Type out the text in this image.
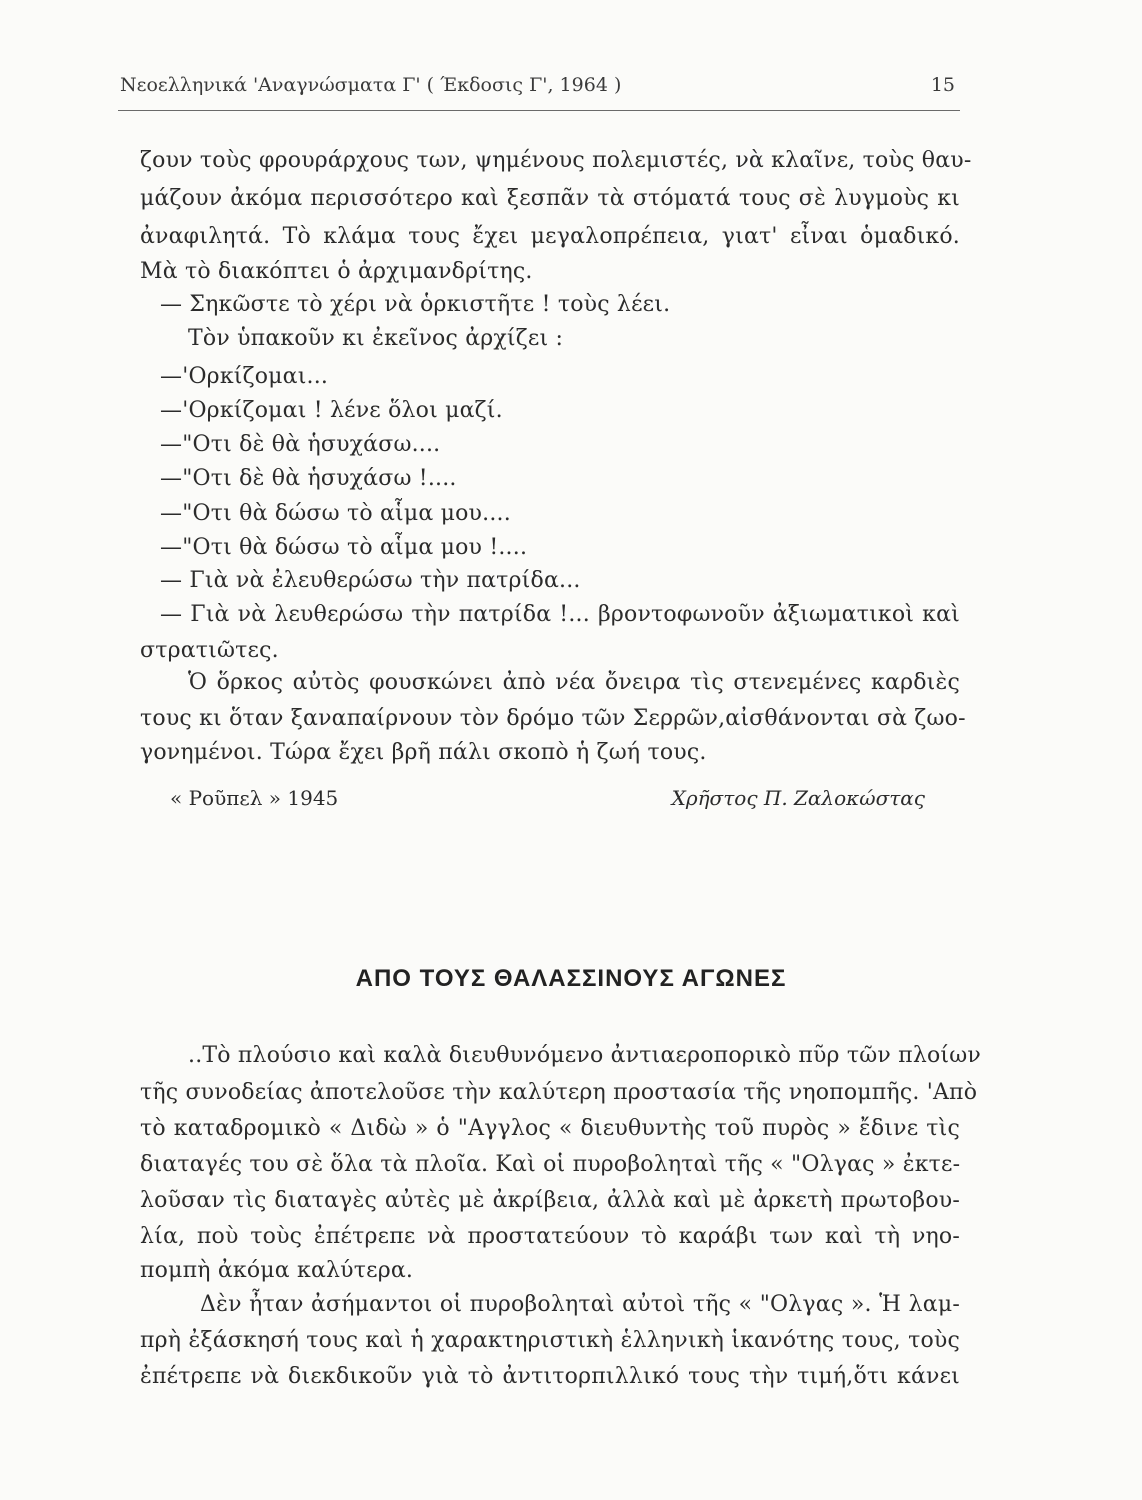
Νεοελληνικά 'Αναγνώσματα Γ' ( Έκδοσις Γ', 1964 )	15
ζουν τοὺς φρουράρχους των, ψημένους πολεμιστές, νὰ κλαῖνε, τοὺς θαυ-
μάζουν ἀκόμα περισσότερο καὶ ξεσπᾶν τὰ στόματά τους σὲ λυγμοὺς κι
ἀναφιλητά. Τὸ κλάμα τους ἔχει μεγαλοπρέπεια, γιατ' εἶναι ὁμαδικό.
Μὰ τὸ διακόπτει ὁ ἀρχιμανδρίτης.
— Σηκῶστε τὸ χέρι νὰ ὁρκιστῆτε ! τοὺς λέει.
Τὸν ὑπακοῦν κι ἐκεῖνος ἀρχίζει :
—'Ορκίζομαι...
—'Ορκίζομαι ! λένε ὅλοι μαζί.
—"Οτι δὲ θὰ ἡσυχάσω....
—"Οτι δὲ θὰ ἡσυχάσω !....
—"Οτι θὰ δώσω τὸ αἷμα μου....
—"Οτι θὰ δώσω τὸ αἷμα μου !....
— Γιὰ νὰ ἐλευθερώσω τὴν πατρίδα...
— Γιὰ νὰ λευθερώσω τὴν πατρίδα !... βροντοφωνοῦν ἀξιωματικοὶ καὶ
στρατιῶτες.
Ὁ ὅρκος αὐτὸς φουσκώνει ἀπὸ νέα ὄνειρα τὶς στενεμένες καρδιὲς
τους κι ὅταν ξαναπαίρνουν τὸν δρόμο τῶν Σερρῶν,αἰσθάνονται σὰ ζωο-
γονημένοι. Τώρα ἔχει βρῆ πάλι σκοπὸ ἡ ζωή τους.
« Ροῦπελ » 1945	Χρῆστος Π. Ζαλοκώστας
ΑΠΟ ΤΟΥΣ ΘΑΛΑΣΣΙΝΟΥΣ ΑΓΩΝΕΣ
..Τὸ πλούσιο καὶ καλὰ διευθυνόμενο ἀντιαεροπορικὸ πῦρ τῶν πλοίων
τῆς συνοδείας ἀποτελοῦσε τὴν καλύτερη προστασία τῆς νηοπομπῆς. 'Απὸ
τὸ καταδρομικὸ « Διδὼ » ὁ "Αγγλος « διευθυντὴς τοῦ πυρὸς » ἔδινε τὶς
διαταγές του σὲ ὅλα τὰ πλοῖα. Καὶ οἱ πυροβοληταὶ τῆς « "Ολγας » ἐκτε-
λοῦσαν τὶς διαταγὲς αὐτὲς μὲ ἀκρίβεια, ἀλλὰ καὶ μὲ ἀρκετὴ πρωτοβου-
λία, ποὺ τοὺς ἐπέτρεπε νὰ προστατεύουν τὸ καράβι των καὶ τὴ νηο-
πομπὴ ἀκόμα καλύτερα.
Δὲν ἦταν ἀσήμαντοι οἱ πυροβοληταὶ αὐτοὶ τῆς « "Ολγας ». Ἡ λαμ-
πρὴ ἐξάσκησή τους καὶ ἡ χαρακτηριστικὴ ἑλληνικὴ ἱκανότης τους, τοὺς
ἐπέτρεπε νὰ διεκδικοῦν γιὰ τὸ ἀντιτορπιλλικό τους τὴν τιμή,ὅτι κάνει
